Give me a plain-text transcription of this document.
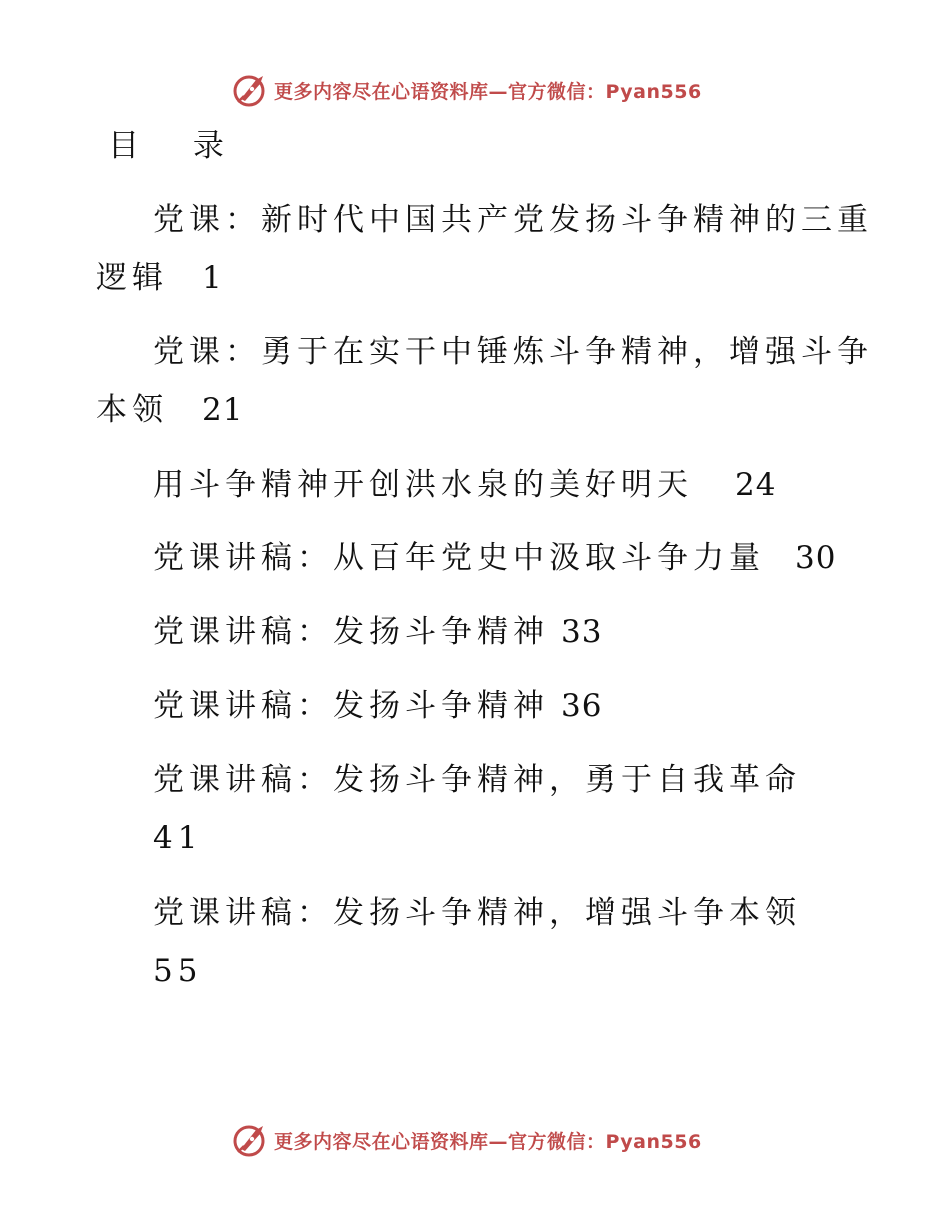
更多内容尽在心语资料库—官方微信：Pyan556
目 录
党课：新时代中国共产党发扬斗争精神的三重
逻辑 1
党课：勇于在实干中锤炼斗争精神，增强斗争
本领 21
用斗争精神开创洪水泉的美好明天 24
党课讲稿：从百年党史中汲取斗争力量 30
党课讲稿：发扬斗争精神 33
党课讲稿：发扬斗争精神 36
党课讲稿：发扬斗争精神，勇于自我革命
41
党课讲稿：发扬斗争精神，增强斗争本领
55
更多内容尽在心语资料库—官方微信：Pyan556
